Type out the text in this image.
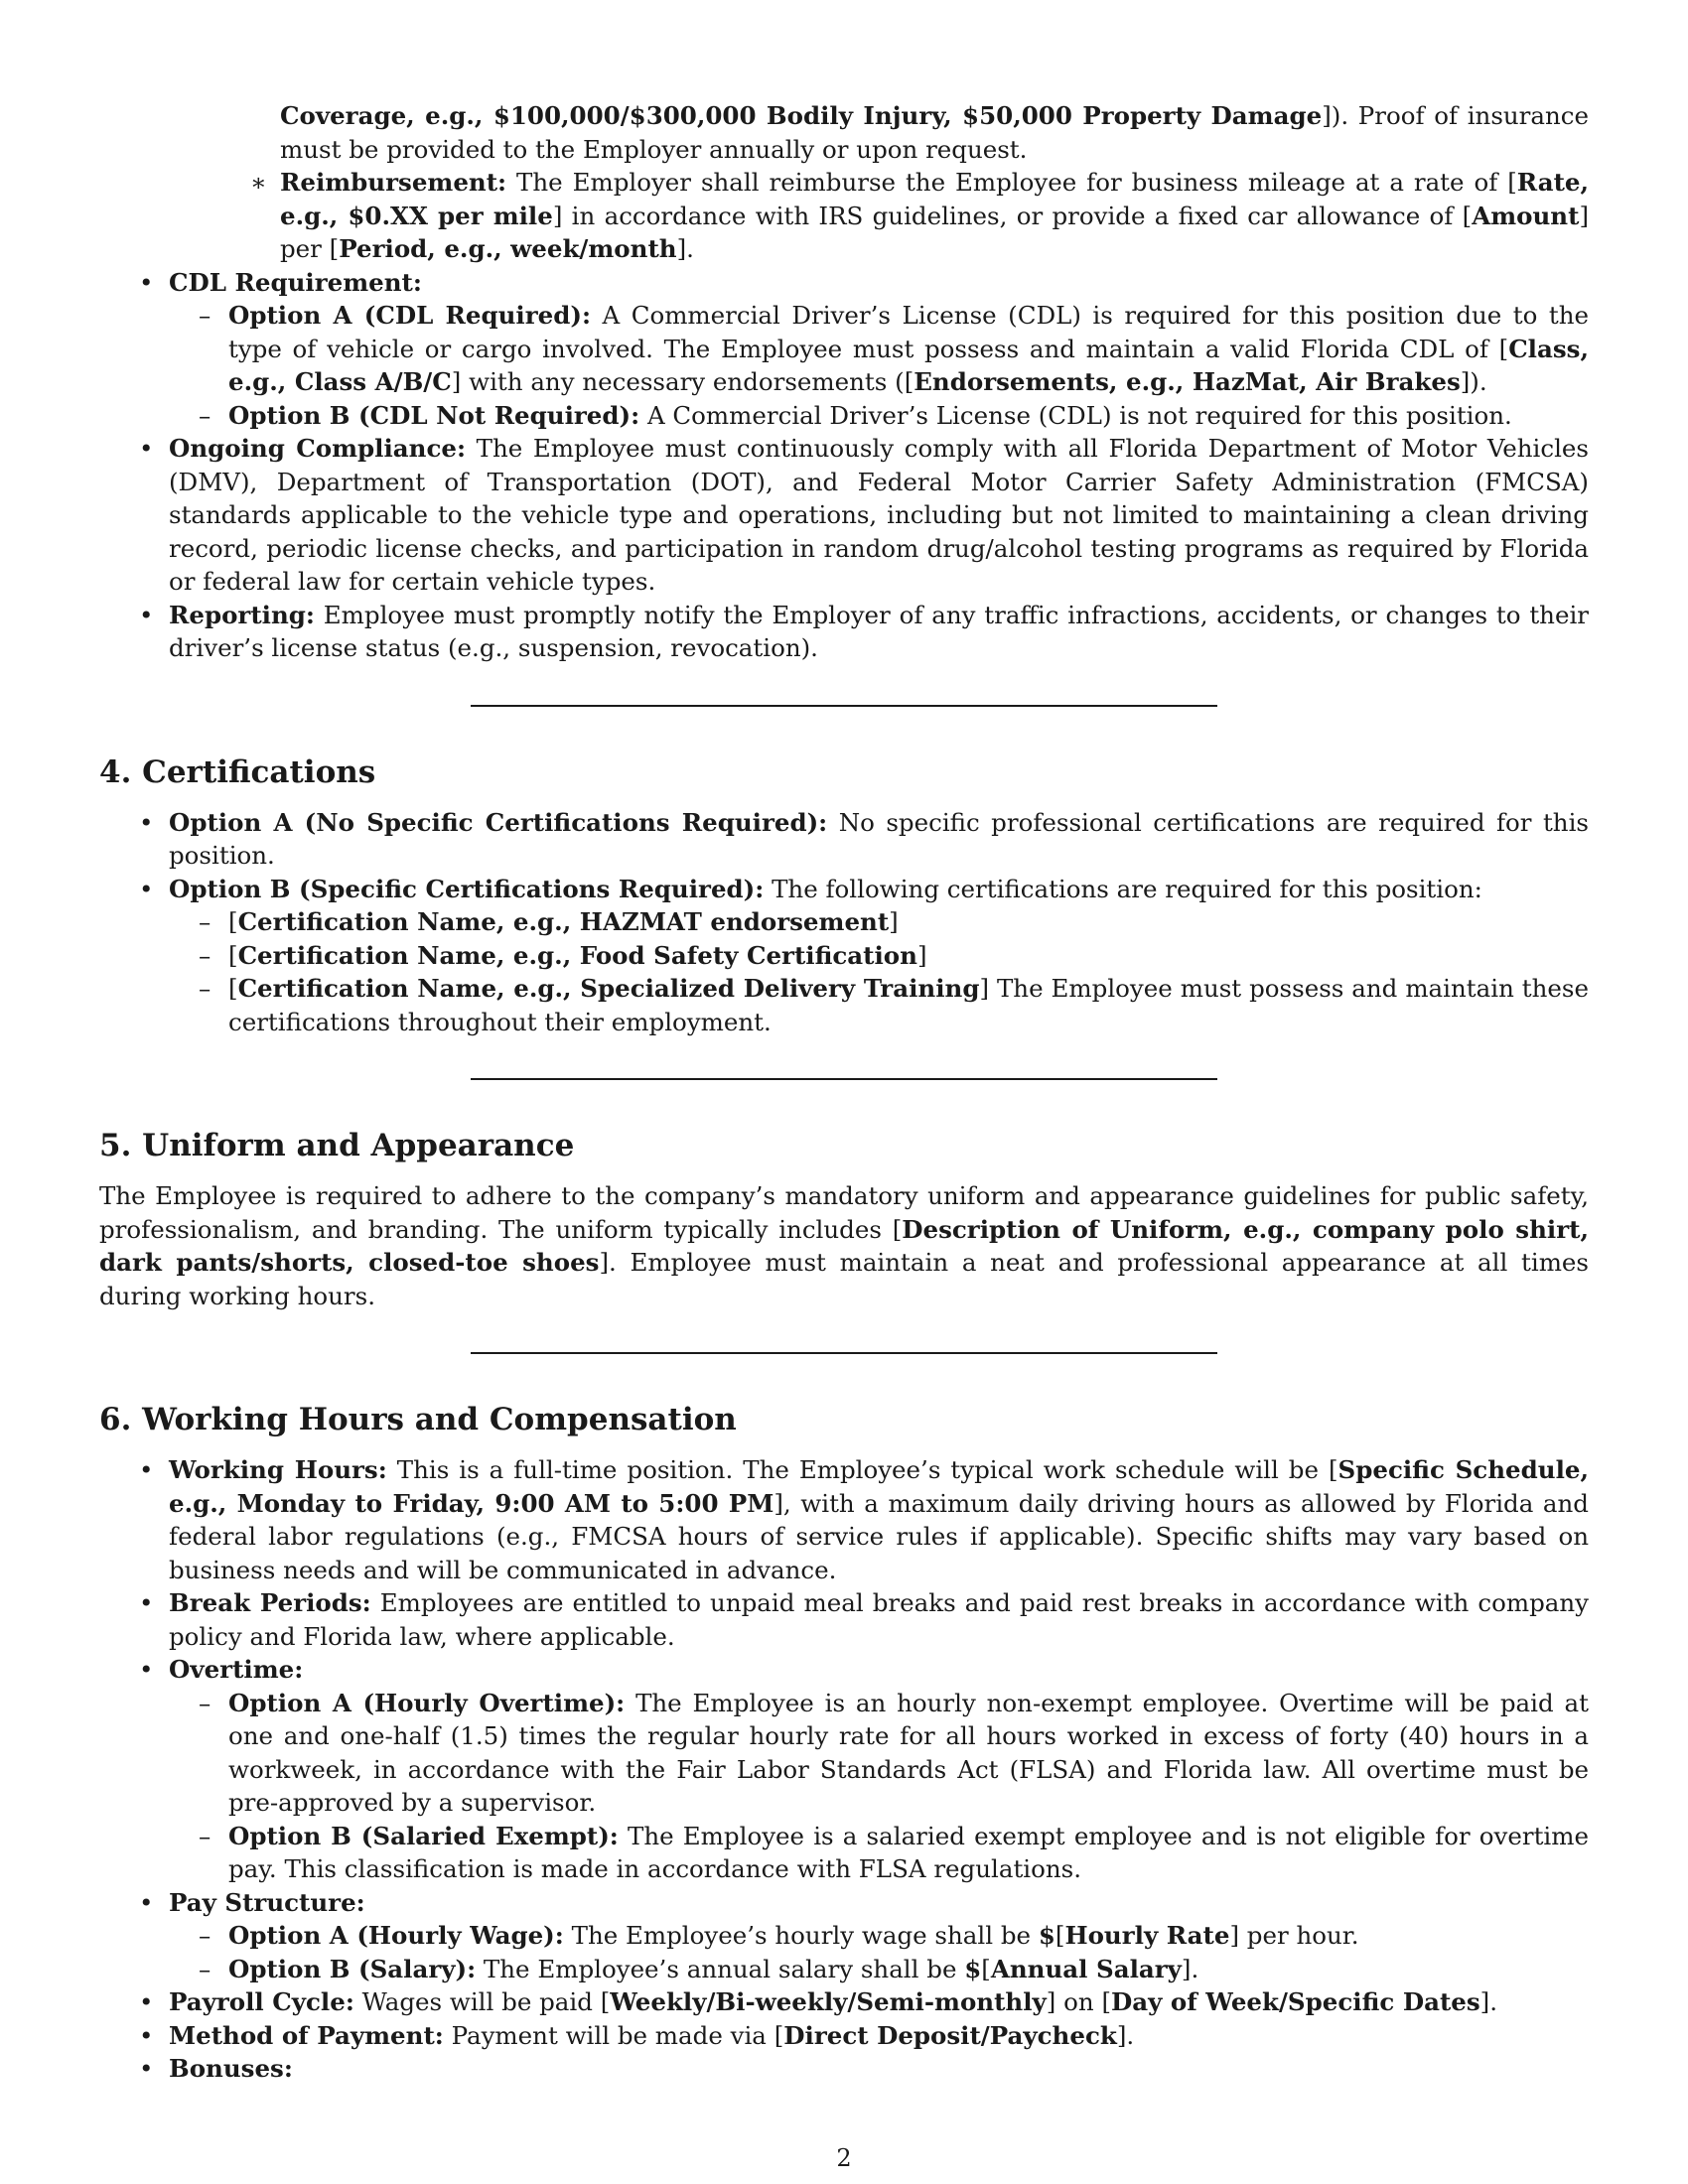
Coverage, e.g., $100,000/$300,000 Bodily Injury, $50,000 Property Damage]). Proof of insurance must be provided to the Employer annually or upon request.
∗ Reimbursement: The Employer shall reimburse the Employee for business mileage at a rate of [Rate, e.g., $0.XX per mile] in accordance with IRS guidelines, or provide a fixed car allowance of [Amount] per [Period, e.g., week/month].
• CDL Requirement:
– Option A (CDL Required): A Commercial Driver’s License (CDL) is required for this position due to the type of vehicle or cargo involved. The Employee must possess and maintain a valid Florida CDL of [Class, e.g., Class A/B/C] with any necessary endorsements ([Endorsements, e.g., HazMat, Air Brakes]).
– Option B (CDL Not Required): A Commercial Driver’s License (CDL) is not required for this position.
• Ongoing Compliance: The Employee must continuously comply with all Florida Department of Motor Vehicles (DMV), Department of Transportation (DOT), and Federal Motor Carrier Safety Administration (FMCSA) standards applicable to the vehicle type and operations, including but not limited to maintaining a clean driving record, periodic license checks, and participation in random drug/alcohol testing programs as required by Florida or federal law for certain vehicle types.
• Reporting: Employee must promptly notify the Employer of any traffic infractions, accidents, or changes to their driver’s license status (e.g., suspension, revocation).
4. Certifications
• Option A (No Specific Certifications Required): No specific professional certifications are required for this position.
• Option B (Specific Certifications Required): The following certifications are required for this position:
– [Certification Name, e.g., HAZMAT endorsement]
– [Certification Name, e.g., Food Safety Certification]
– [Certification Name, e.g., Specialized Delivery Training] The Employee must possess and maintain these certifications throughout their employment.
5. Uniform and Appearance

The Employee is required to adhere to the company’s mandatory uniform and appearance guidelines for public safety, professionalism, and branding. The uniform typically includes [Description of Uniform, e.g., company polo shirt, dark pants/shorts, closed-toe shoes]. Employee must maintain a neat and professional appearance at all times during working hours.

6. Working Hours and Compensation
• Working Hours: This is a full-time position. The Employee’s typical work schedule will be [Specific Schedule, e.g., Monday to Friday, 9:00 AM to 5:00 PM], with a maximum daily driving hours as allowed by Florida and federal labor regulations (e.g., FMCSA hours of service rules if applicable). Specific shifts may vary based on business needs and will be communicated in advance.
• Break Periods: Employees are entitled to unpaid meal breaks and paid rest breaks in accordance with company policy and Florida law, where applicable.
• Overtime:
– Option A (Hourly Overtime): The Employee is an hourly non-exempt employee. Overtime will be paid at one and one-half (1.5) times the regular hourly rate for all hours worked in excess of forty (40) hours in a workweek, in accordance with the Fair Labor Standards Act (FLSA) and Florida law. All overtime must be pre-approved by a supervisor.
– Option B (Salaried Exempt): The Employee is a salaried exempt employee and is not eligible for overtime pay. This classification is made in accordance with FLSA regulations.
• Pay Structure:
– Option A (Hourly Wage): The Employee’s hourly wage shall be $[Hourly Rate] per hour.
– Option B (Salary): The Employee’s annual salary shall be $[Annual Salary].
• Payroll Cycle: Wages will be paid [Weekly/Bi-weekly/Semi-monthly] on [Day of Week/Specific Dates].
• Method of Payment: Payment will be made via [Direct Deposit/Paycheck].
• Bonuses:
2
